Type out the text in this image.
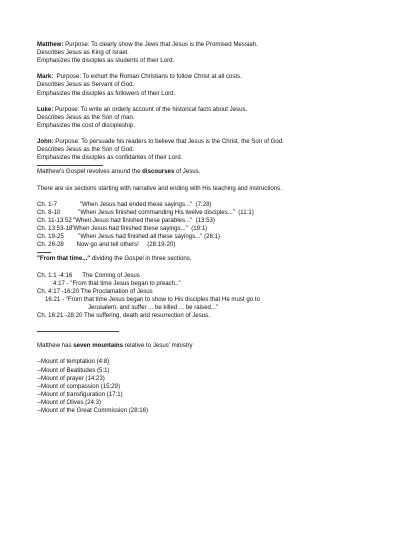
Matthew: Purpose: To clearly show the Jews that Jesus is the Promised Messiah.
Describes Jesus as King of Israel.
Emphasizes the disciples as students of their Lord.
Mark:  Purpose: To exhort the Roman Christians to follow Christ at all costs.
Describes Jesus as Servant of God.
Emphasizes the disciples as followers of their Lord.
Luke: Purpose: To write an orderly account of the historical facts about Jesus.
Describes Jesus as the Son of man.
Emphasizes the cost of discipleship.
John: Purpose: To persuade his readers to believe that Jesus is the Christ, the Son of God.
Describes Jesus as the Son of God.
Emphasizes the disciples as confidantes of their Lord.
Matthew's Gospel revolves around the discourses of Jesus.
There are six sections starting with narrative and ending with His teaching and instructions.
Ch. 1-7	"When Jesus had ended these sayings..."  (7:28)
Ch. 8-10	"When Jesus finished commanding His twelve disciples..."  (11:1)
Ch. 11-13:52
"When Jesus had finished these parables..."  (13:53)
Ch. 13:53-18
"When Jesus had finished these sayings..."  (19:1)
Ch. 19-25 "When Jesus had finished all these sayings..." (26:1)
Ch. 26-28 Now go and tell others!     (28:19-20)
"From that time..." dividing the Gospel in three sections.
Ch. 1:1 -4:16      The Coming of Jesus
4:17 - "From that time Jesus began to preach.."
Ch. 4:17 -16:20 The Proclamation of Jesus
16:21 - "From that time Jesus began to show to His disciples that He must go to
Jerusalem, and suffer ... be killed ... be raised..."
Ch. 16:21 -28:20 The suffering, death and resurrection of Jesus.
Matthew has seven mountains relative to Jesus' ministry
--Mount of temptation (4:8)
--Mount of Beatitudes (5:1)
--Mount of prayer (14:23)
--Mount of compassion (15:29)
--Mount of transfiguration (17:1)
--Mount of Olives (24:3)
--Mount of the Great Commission (28:16)
